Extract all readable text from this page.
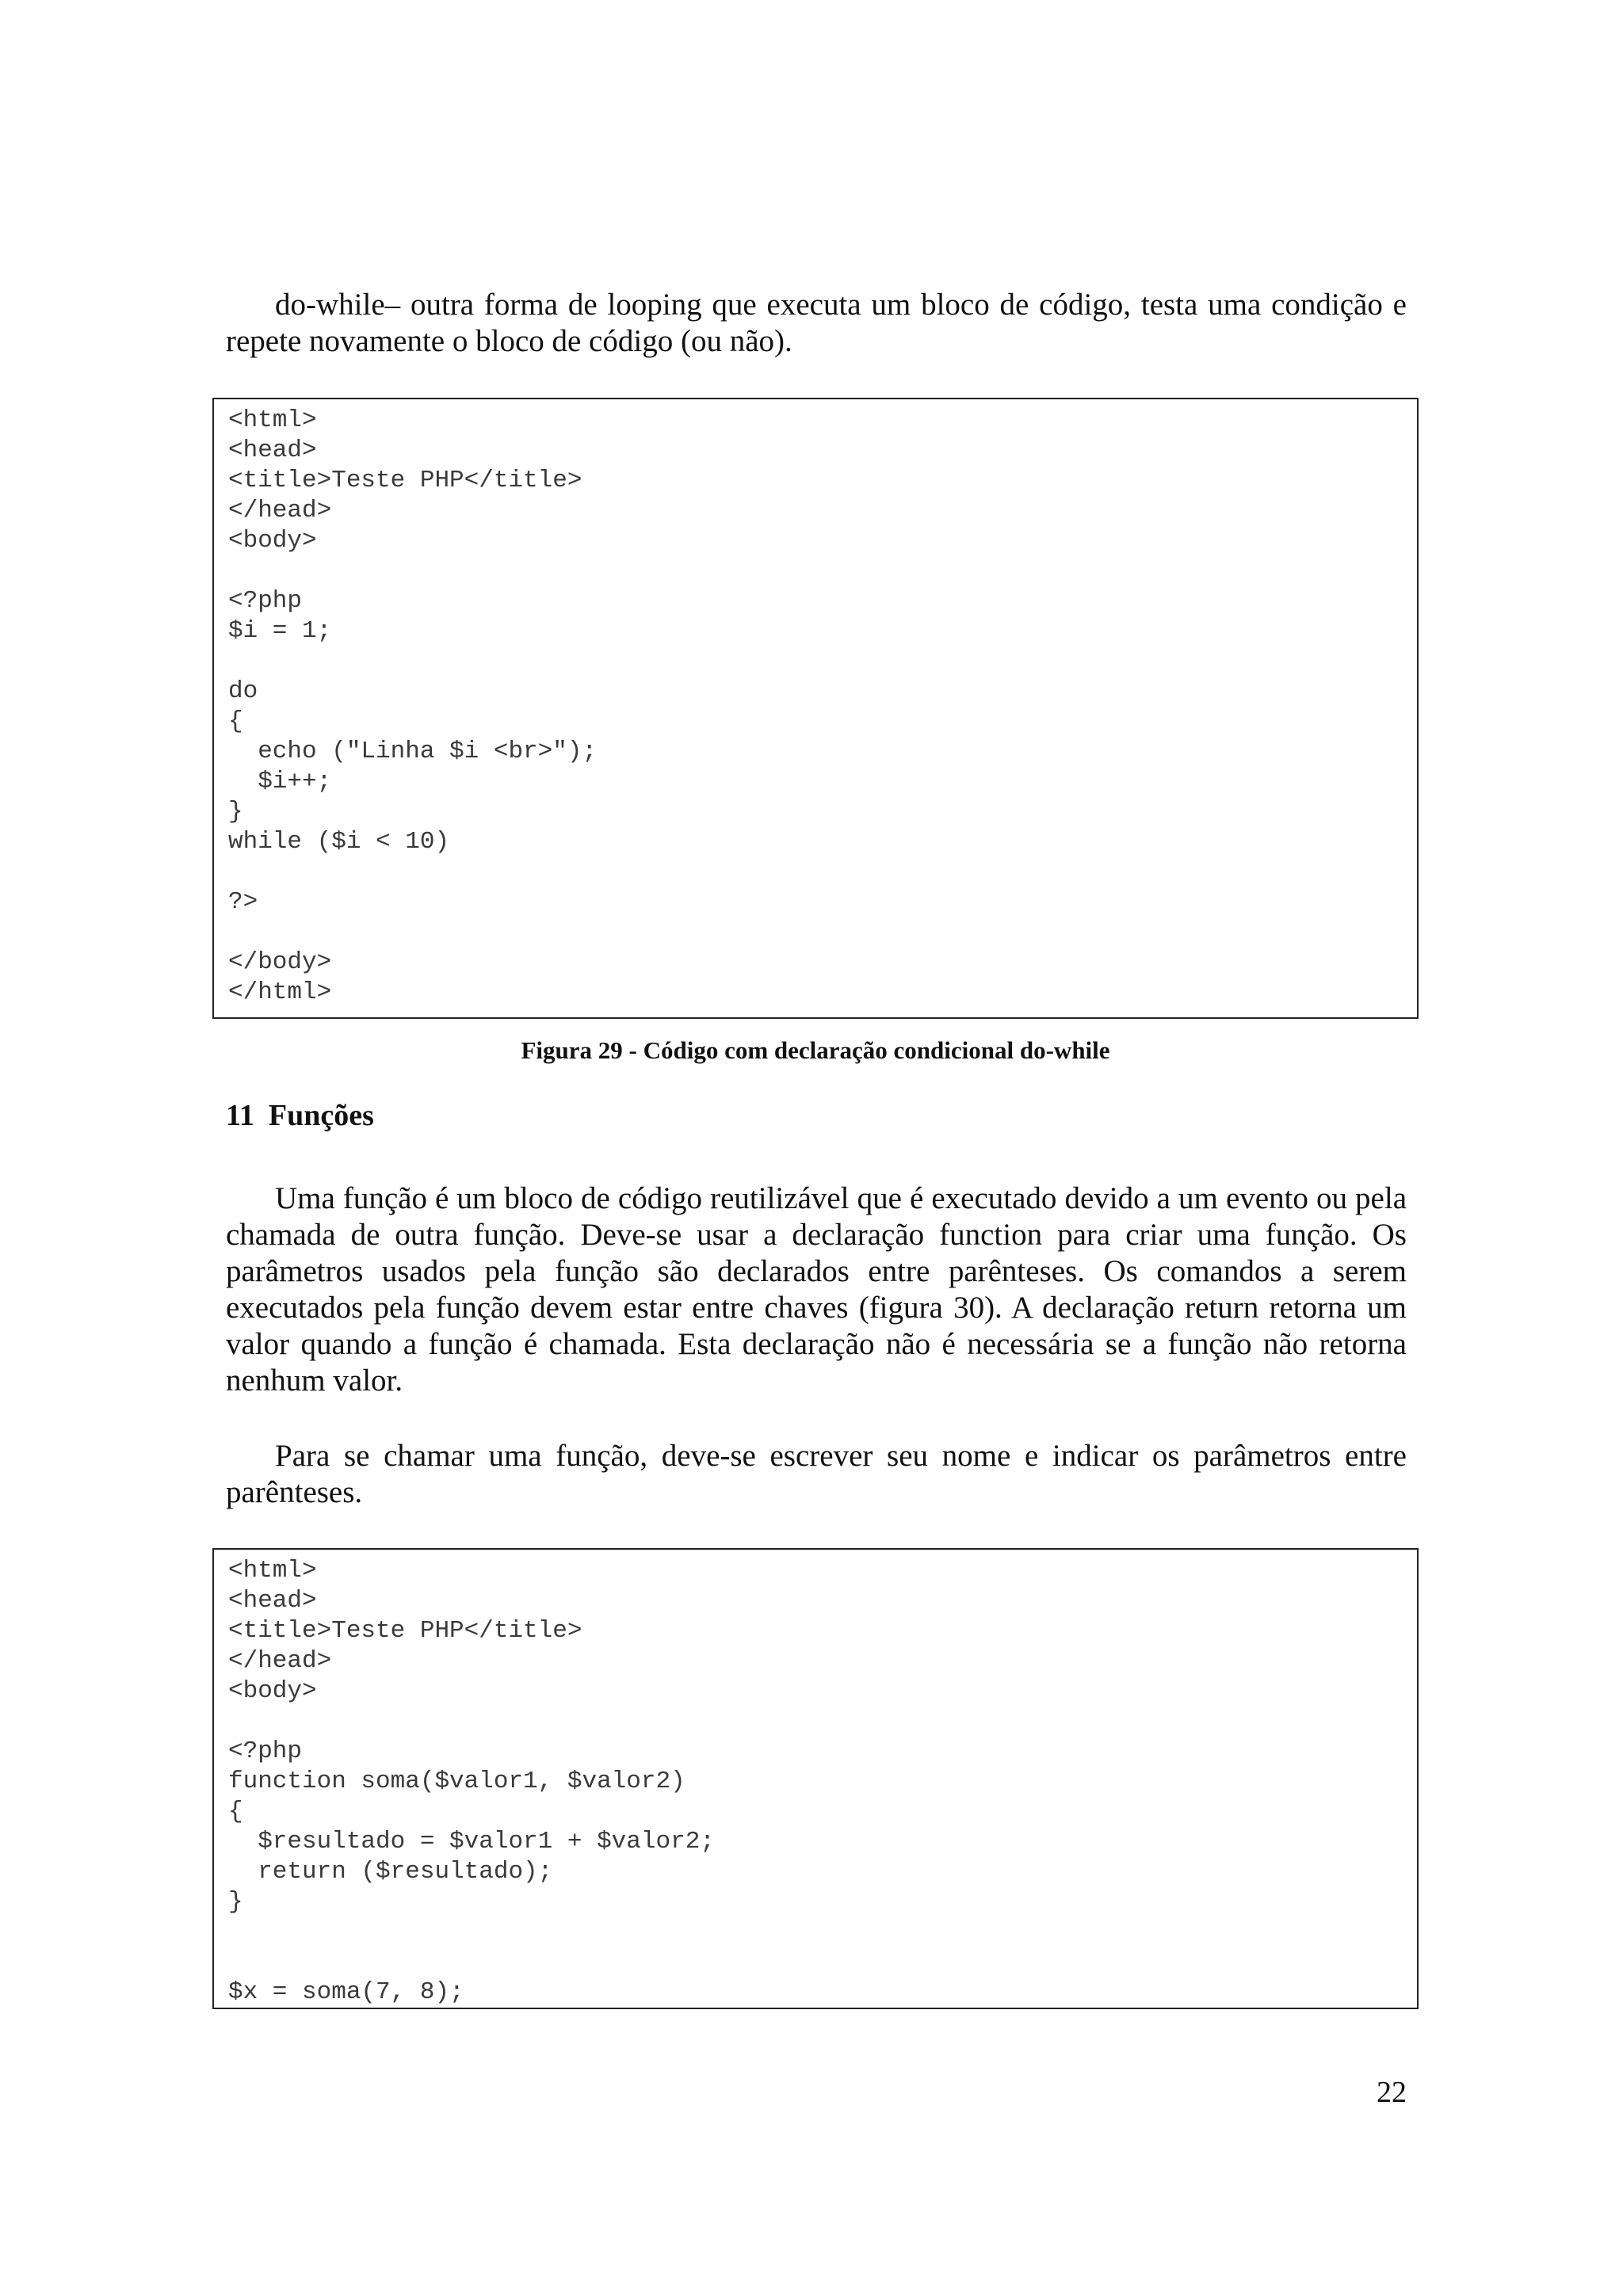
do-while– outra forma de looping que executa um bloco de código, testa uma condição e repete novamente o bloco de código (ou não).

<html>
<head>
<title>Teste PHP</title>
</head>
<body>
<?php
$i = 1;
do
{
echo ("Linha $i <br>");
$i++;
}
while ($i < 10)
?>
</body>
</html>

Figura 29 - Código com declaração condicional do-while

11 Funções

Uma função é um bloco de código reutilizável que é executado devido a um evento ou pela chamada de outra função. Deve-se usar a declaração function para criar uma função. Os parâmetros usados pela função são declarados entre parênteses. Os comandos a serem executados pela função devem estar entre chaves (figura 30). A declaração return retorna um valor quando a função é chamada. Esta declaração não é necessária se a função não retorna nenhum valor.

Para se chamar uma função, deve-se escrever seu nome e indicar os parâmetros entre parênteses.

<html>
<head>
<title>Teste PHP</title>
</head>
<body>
<?php
function soma($valor1, $valor2)
{
$resultado = $valor1 + $valor2;
return ($resultado);
}
$x = soma(7, 8);

22
